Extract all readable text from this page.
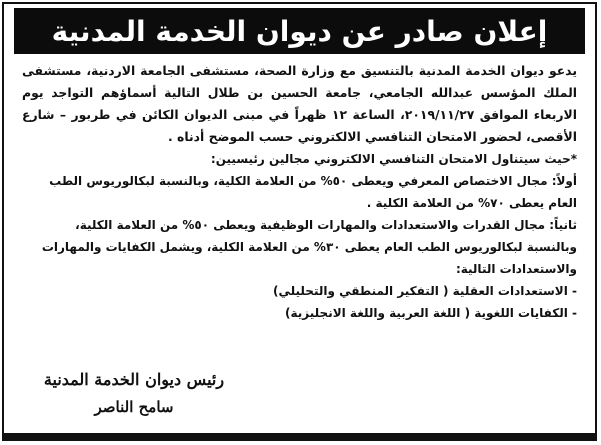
إعلان صادر عن ديوان الخدمة المدنية

يدعو ديوان الخدمة المدنية بالتنسيق مع وزارة الصحة، مستشفى الجامعة الاردنية، مستشفى الملك المؤسس عبدالله الجامعي، جامعة الحسين بن طلال التالية أسماؤهم التواجد يوم الاربعاء الموافق ٢٠١٩/١١/٢٧، الساعة ١٢ ظهراً في مبنى الديوان الكائن في طربور – شارع الأقصى، لحضور الامتحان التنافسي الالكتروني حسب الموضح أدناه .

*حيث سيتناول الامتحان التنافسي الالكتروني مجالين رئيسيين:

أولاً: مجال الاختصاص المعرفي ويعطى ٥٠% من العلامة الكلية، وبالنسبة لبكالوريوس الطب العام يعطى ٧٠% من العلامة الكلية .

ثانياً: مجال القدرات والاستعدادات والمهارات الوظيفية ويعطى ٥٠% من العلامة الكلية، وبالنسبة لبكالوريوس الطب العام يعطى ٣٠% من العلامة الكلية، ويشمل الكفايات والمهارات والاستعدادات التالية:

- الاستعدادات العقلية ( التفكير المنطقي والتحليلي)

- الكفايات اللغوية ( اللغة العربية واللغة الانجليزية)

رئيس ديوان الخدمة المدنية
سامح الناصر
